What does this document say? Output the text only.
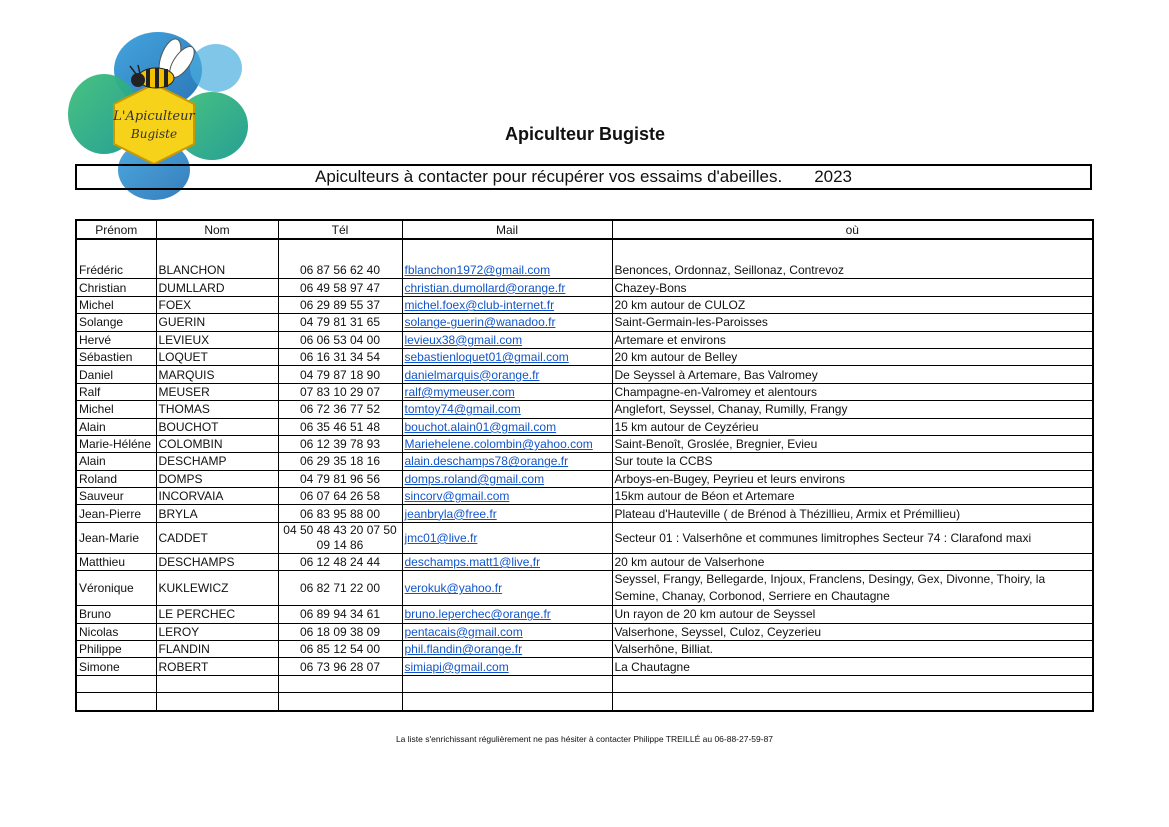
L'Apiculteur
Bugiste	Apiculteur Bugiste
Apiculteurs à contacter pour récupérer vos essaims d'abeilles. 2023
Prénom	Nom	Tél	Mail	où

Frédéric	BLANCHON	06 87 56 62 40	fblanchon1972@gmail.com	Benonces, Ordonnaz, Seillonaz, Contrevoz
Christian	DUMLLARD	06 49 58 97 47	christian.dumollard@orange.fr	Chazey-Bons
Michel	FOEX	06 29 89 55 37	michel.foex@club-internet.fr	20 km autour de CULOZ
Solange	GUERIN	04 79 81 31 65	solange-guerin@wanadoo.fr	Saint-Germain-les-Paroisses
Hervé	LEVIEUX	06 06 53 04 00	levieux38@gmail.com	Artemare et environs
Sébastien	LOQUET	06 16 31 34 54	sebastienloquet01@gmail.com	20 km autour de Belley
Daniel	MARQUIS	04 79 87 18 90	danielmarquis@orange.fr	De Seyssel à Artemare, Bas Valromey
Ralf	MEUSER	07 83 10 29 07	ralf@mymeuser.com	Champagne-en-Valromey et alentours
Michel	THOMAS	06 72 36 77 52	tomtoy74@gmail.com	Anglefort, Seyssel, Chanay, Rumilly, Frangy
Alain	BOUCHOT	06 35 46 51 48	bouchot.alain01@gmail.com	15 km autour de Ceyzérieu
Marie-Héléne	COLOMBIN	06 12 39 78 93	Mariehelene.colombin@yahoo.com	Saint-Benoît, Groslée, Bregnier, Evieu
Alain	DESCHAMP	06 29 35 18 16	alain.deschamps78@orange.fr	Sur toute la CCBS
Roland	DOMPS	04 79 81 96 56	domps.roland@gmail.com	Arboys-en-Bugey, Peyrieu et leurs environs
Sauveur	INCORVAIA	06 07 64 26 58	sincorv@gmail.com	15km autour de Béon et Artemare
Jean-Pierre	BRYLA	06 83 95 88 00	jeanbryla@free.fr	Plateau d'Hauteville ( de Brénod à Thézillieu, Armix et Prémillieu)
Jean-Marie	CADDET	04 50 48 43 20 07 50 09 14 86	jmc01@live.fr	Secteur 01 : Valserhône et communes limitrophes Secteur 74 : Clarafond maxi
Matthieu	DESCHAMPS	06 12 48 24 44	deschamps.matt1@live,fr	20 km autour de Valserhone
Véronique	KUKLEWICZ	06 82 71 22 00	verokuk@yahoo.fr	Seyssel, Frangy, Bellegarde, Injoux, Franclens, Desingy, Gex, Divonne, Thoiry, la Semine, Chanay, Corbonod, Serriere en Chautagne
Bruno	LE PERCHEC	06 89 94 34 61	bruno.leperchec@orange.fr	Un rayon de 20 km autour de Seyssel
Nicolas	LEROY	06 18 09 38 09	pentacais@gmail.com	Valserhone, Seyssel, Culoz, Ceyzerieu
Philippe	FLANDIN	06 85 12 54 00	phil.flandin@orange.fr	Valserhône, Billiat.
Simone	ROBERT	06 73 96 28 07	simiapi@gmail.com	La Chautagne

La liste s'enrichissant régulièrement ne pas hésiter à contacter Philippe TREILLÉ au 06-88-27-59-87
